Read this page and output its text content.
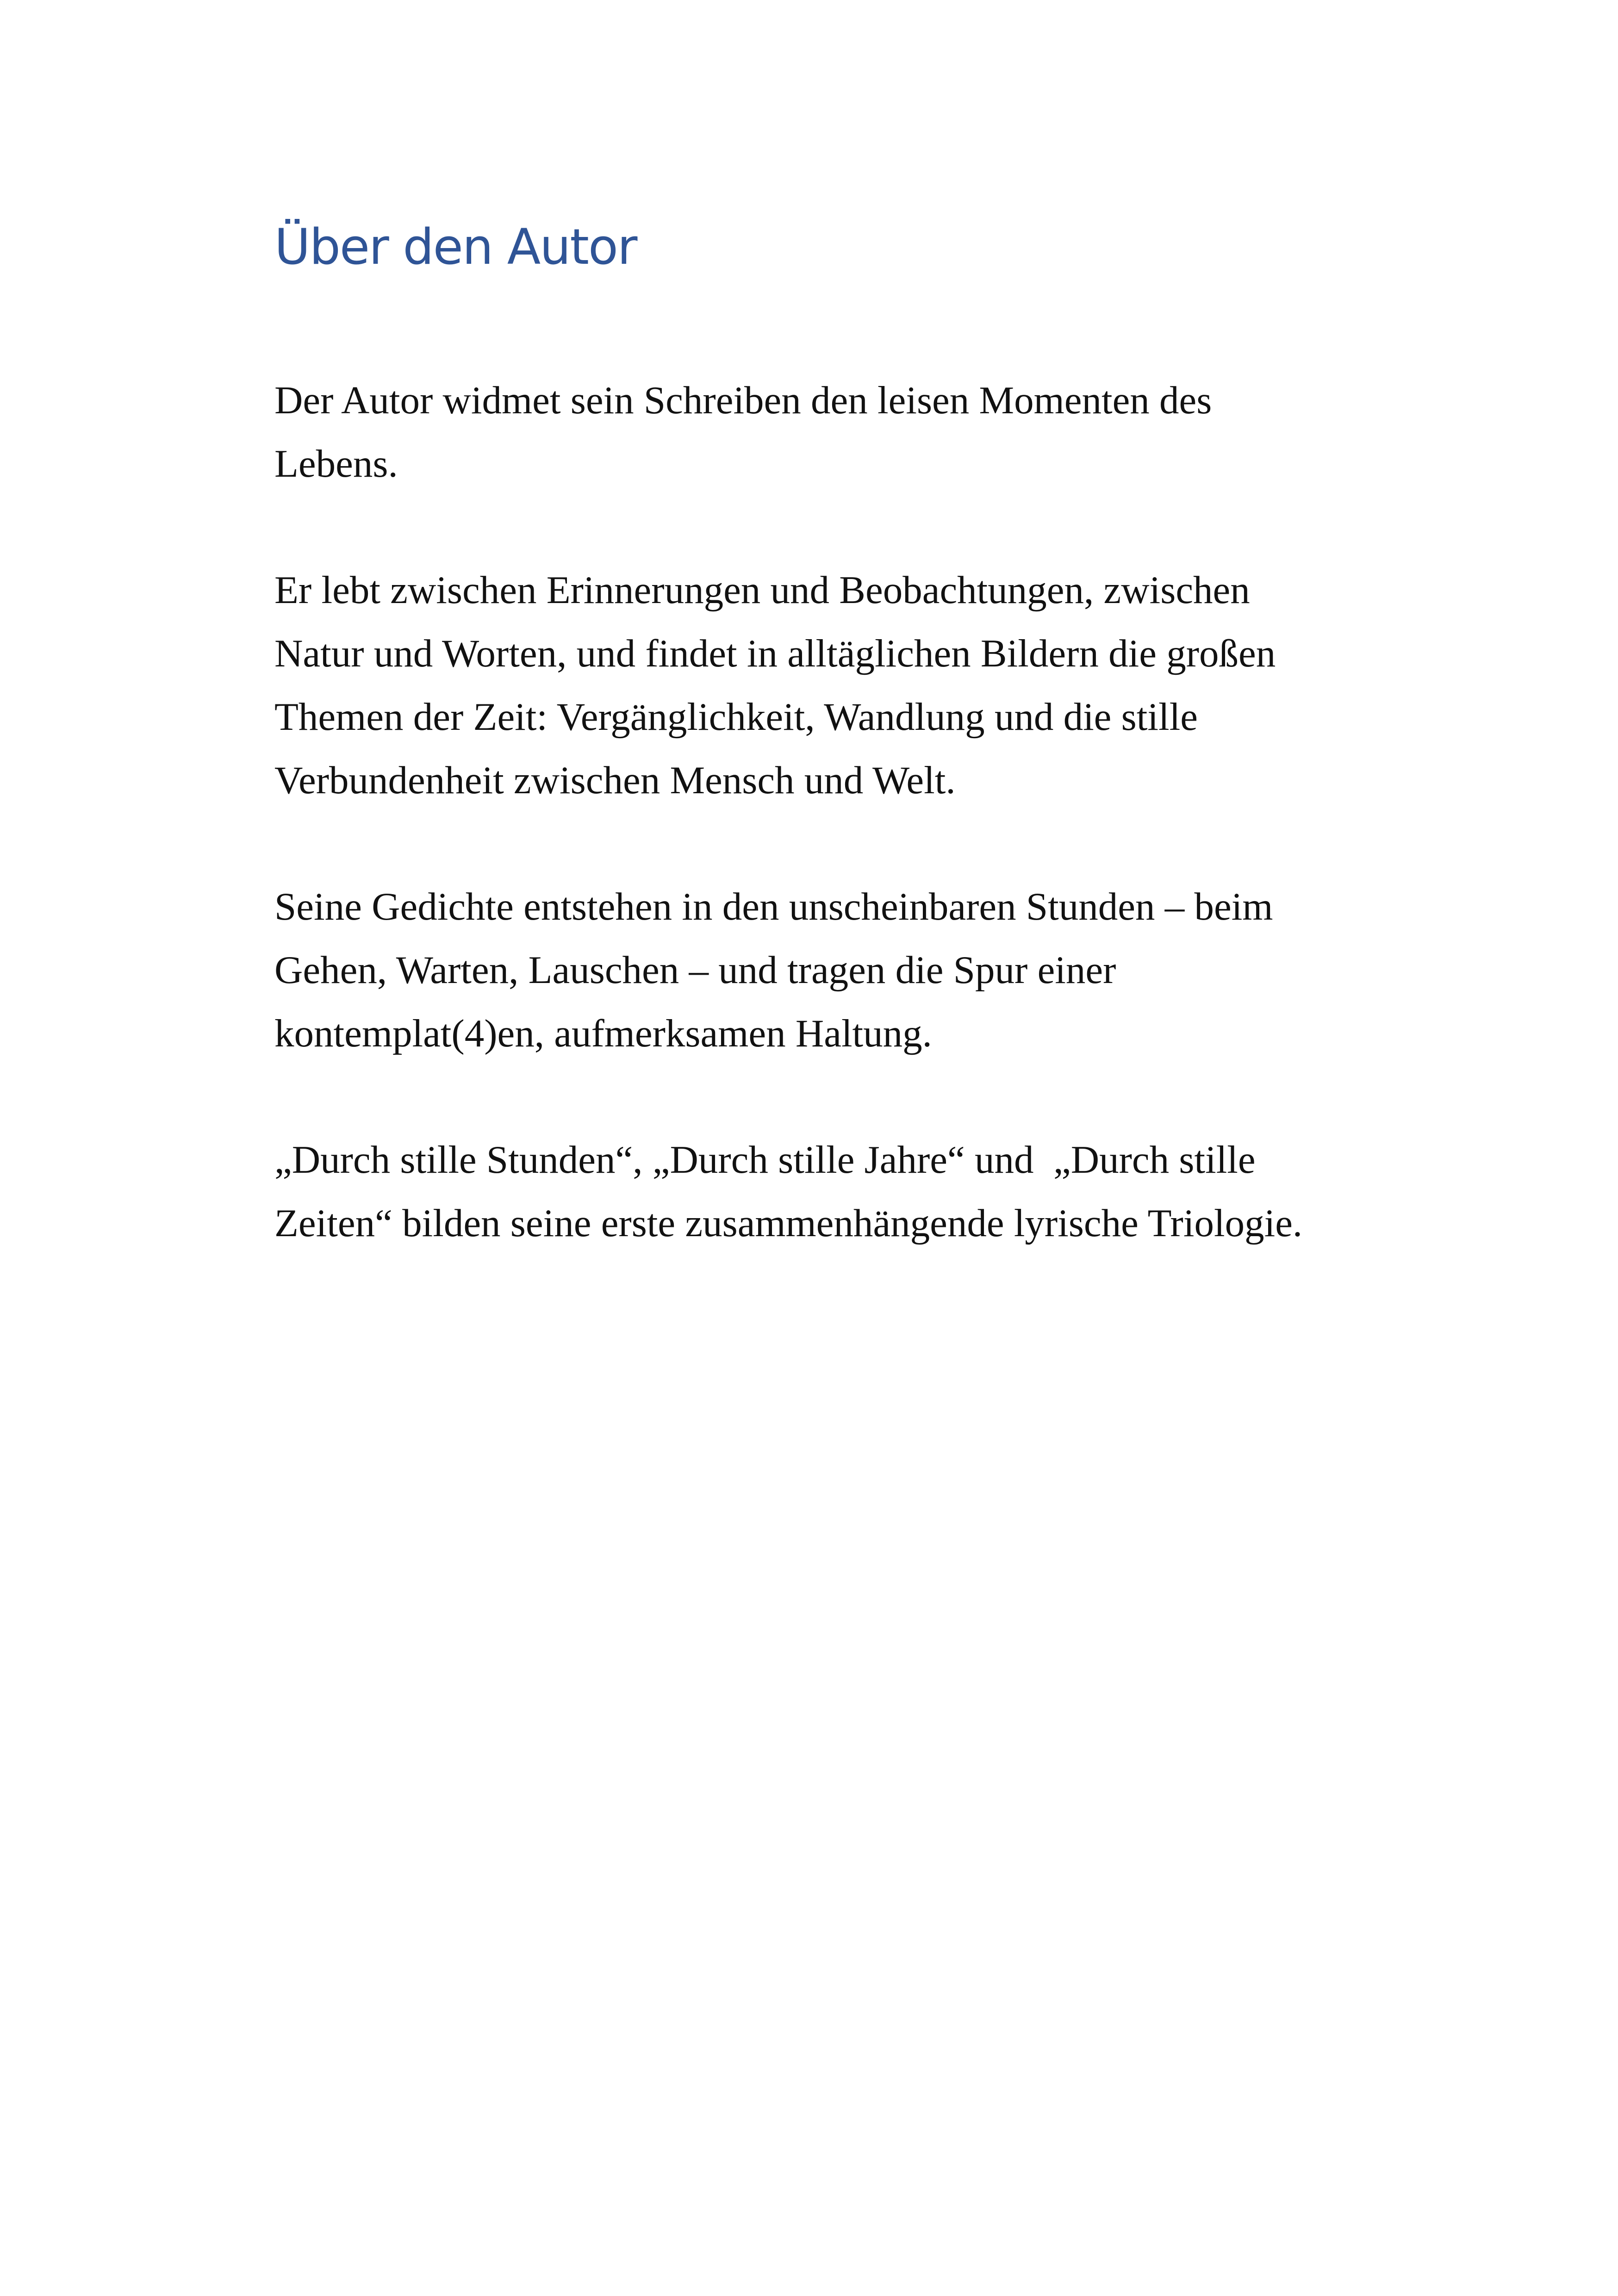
Über den Autor

Der Autor widmet sein Schreiben den leisen Momenten des
Lebens.

Er lebt zwischen Erinnerungen und Beobachtungen, zwischen
Natur und Worten, und findet in alltäglichen Bildern die großen
Themen der Zeit: Vergänglichkeit, Wandlung und die stille
Verbundenheit zwischen Mensch und Welt.

Seine Gedichte entstehen in den unscheinbaren Stunden – beim
Gehen, Warten, Lauschen – und tragen die Spur einer
kontemplat(4)en, aufmerksamen Haltung.

„Durch stille Stunden“, „Durch stille Jahre“ und  „Durch stille
Zeiten“ bilden seine erste zusammenhängende lyrische Triologie.
